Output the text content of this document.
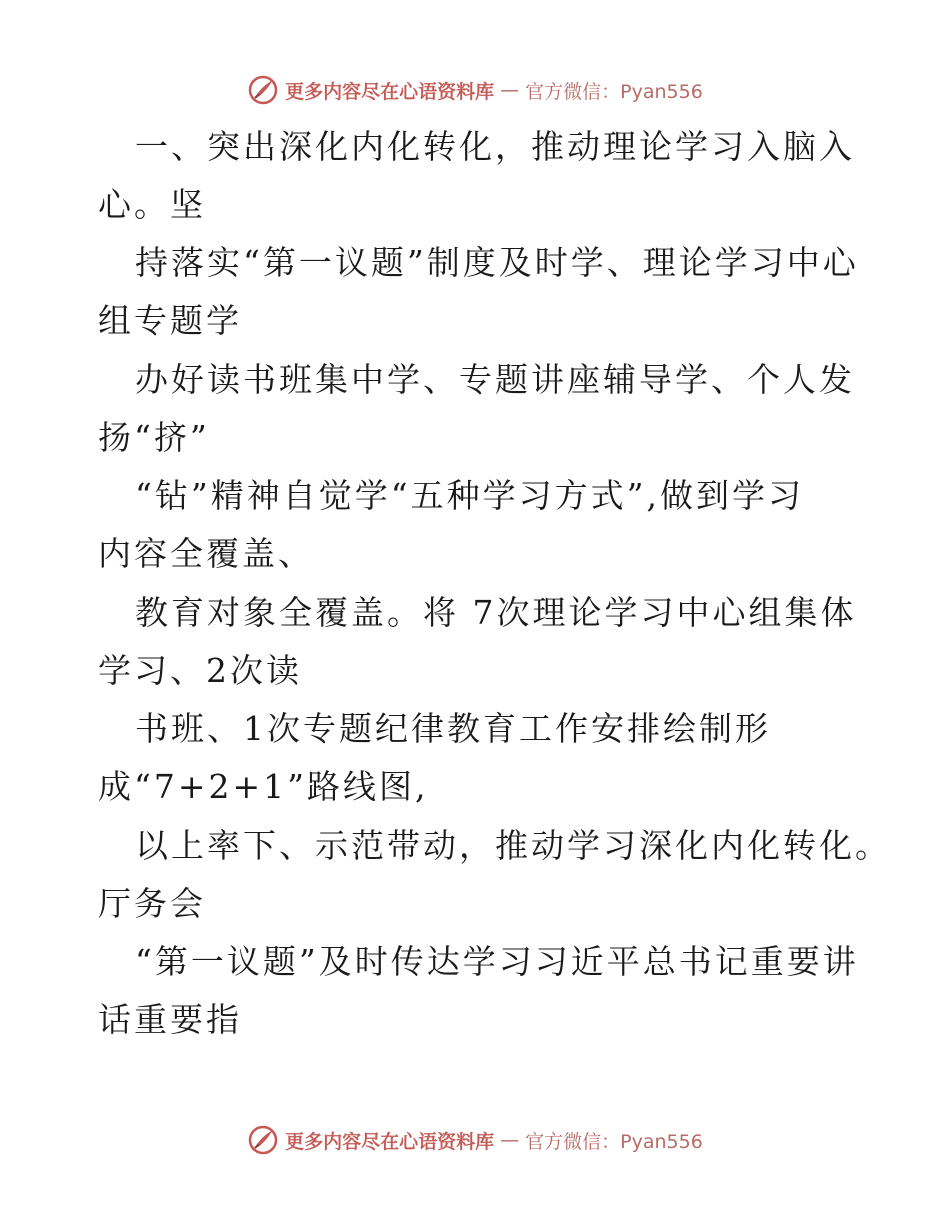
更多内容尽在心语资料库 — 官方微信：Pyan556
一、突出深化内化转化，推动理论学习入脑入
心。坚
持落实“第一议题”制度及时学、理论学习中心
组专题学
办好读书班集中学、专题讲座辅导学、个人发
扬“挤”
“钻”精神自觉学“五种学习方式”,做到学习
内容全覆盖、
教育对象全覆盖。将 7次理论学习中心组集体
学习、2次读
书班、1次专题纪律教育工作安排绘制形
成“7+2+1”路线图,
以上率下、示范带动，推动学习深化内化转化。
厅务会
“第一议题”及时传达学习习近平总书记重要讲
话重要指
更多内容尽在心语资料库 — 官方微信：Pyan556
